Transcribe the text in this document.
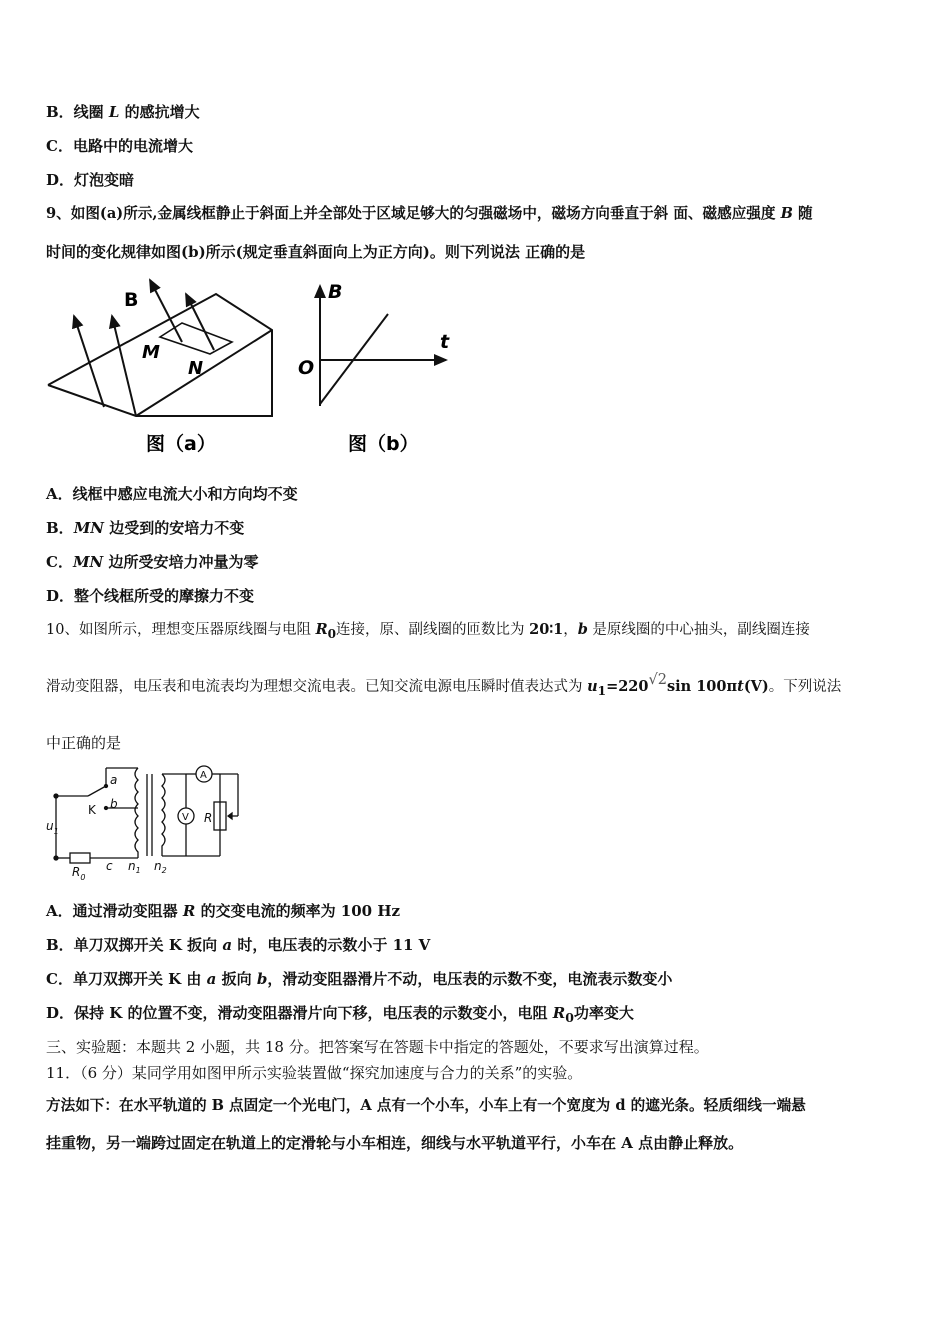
B．线圈 L 的感抗增大
C．电路中的电流增大
D．灯泡变暗
9、如图(a)所示,金属线框静止于斜面上并全部处于区域足够大的匀强磁场中，磁场方向垂直于斜 面、磁感应强度 B 随
时间的变化规律如图(b)所示(规定垂直斜面向上为正方向)。则下列说法 正确的是
B
M
N
图（a）
B
t
O
图（b）
A．线框中感应电流大小和方向均不变
B．MN 边受到的安培力不变
C．MN 边所受安培力冲量为零
D．整个线框所受的摩擦力不变
10、如图所示，理想变压器原线圈与电阻 $R_0$连接，原、副线圈的匝数比为 20∶1，b 是原线圈的中心抽头，副线圈连接
滑动变阻器，电压表和电流表均为理想交流电表。已知交流电源电压瞬时值表达式为 $u_1=220√2\sin$ 100πt(V)。下列说法
中正确的是
a
K b
$u_1$
$R_0$
c $n_1$ $n_2$
A
V R
A．通过滑动变阻器 R 的交变电流的频率为 100 Hz
B．单刀双掷开关 K 扳向 a 时，电压表的示数小于 11 V
C．单刀双掷开关 K 由 a 扳向 b，滑动变阻器滑片不动，电压表的示数不变，电流表示数变小
D．保持 K 的位置不变，滑动变阻器滑片向下移，电压表的示数变小，电阻 $R_0$功率变大
三、实验题：本题共 2 小题，共 18 分。把答案写在答题卡中指定的答题处，不要求写出演算过程。
11．（6 分）某同学用如图甲所示实验装置做“探究加速度与合力的关系”的实验。
方法如下：在水平轨道的 B 点固定一个光电门，A 点有一个小车，小车上有一个宽度为 d 的遮光条。轻质细线一端悬
挂重物，另一端跨过固定在轨道上的定滑轮与小车相连，细线与水平轨道平行，小车在 A 点由静止释放。
